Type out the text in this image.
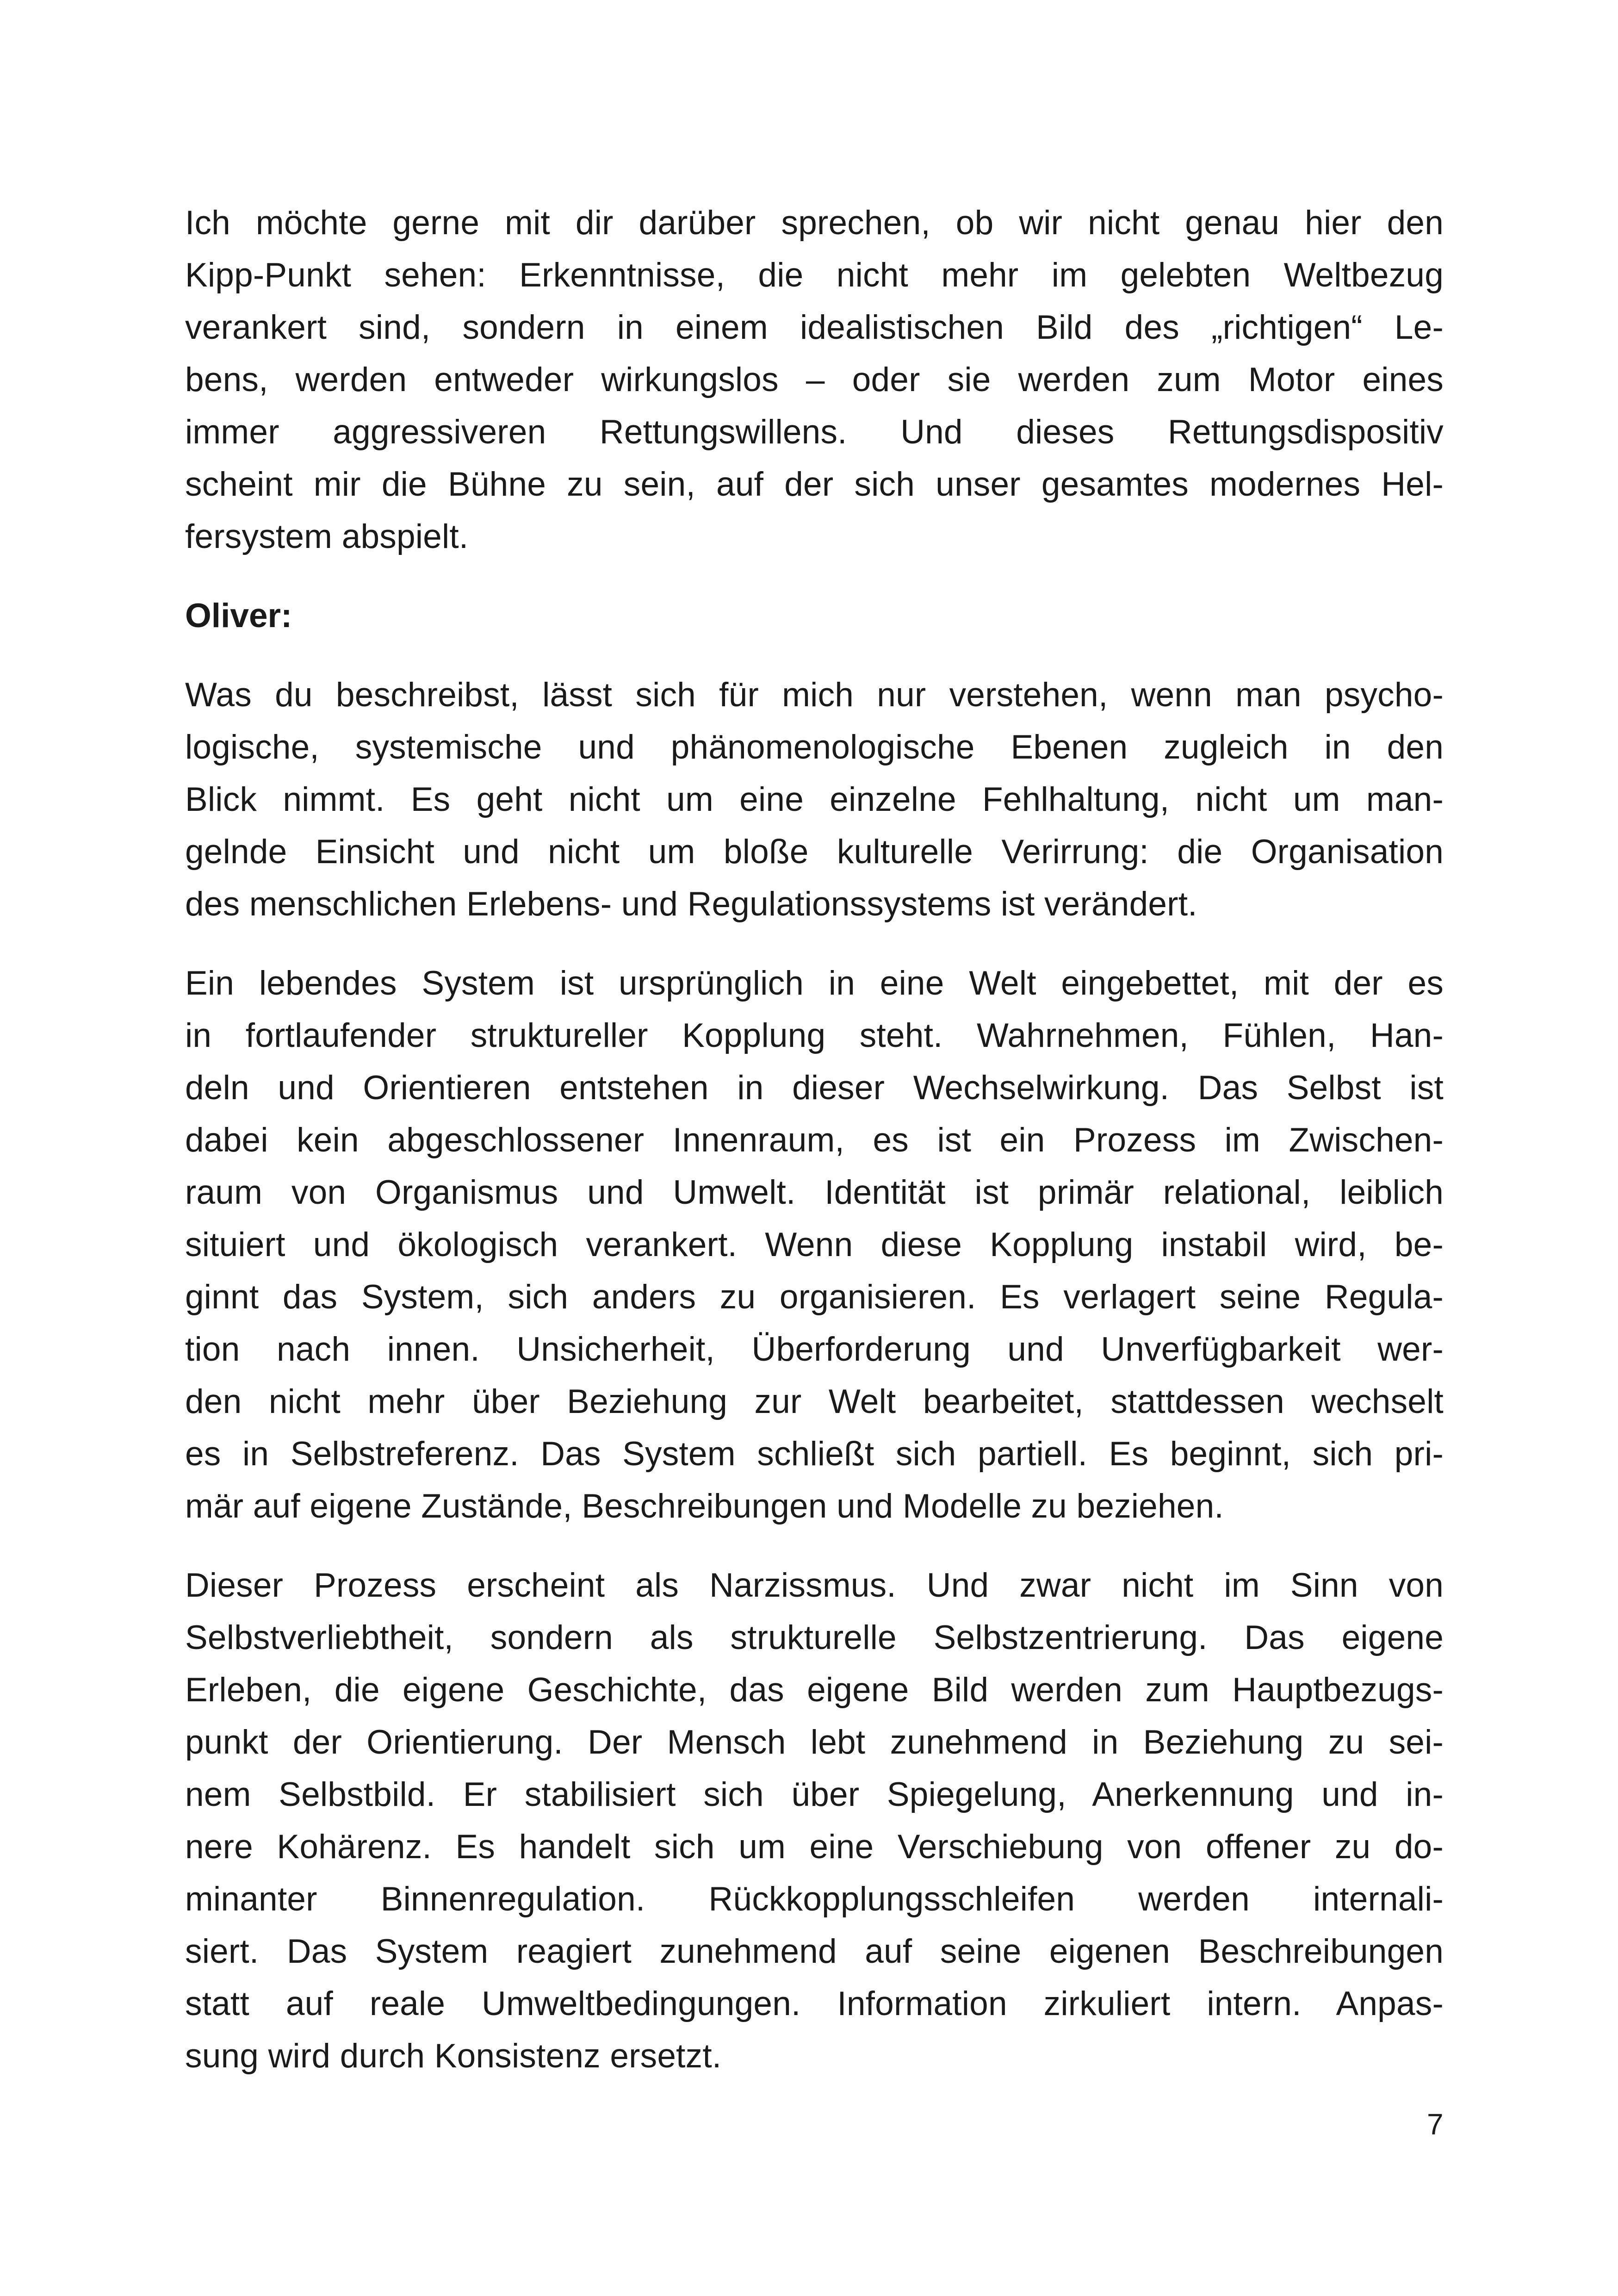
Ich möchte gerne mit dir darüber sprechen, ob wir nicht genau hier den
Kipp-Punkt sehen: Erkenntnisse, die nicht mehr im gelebten Weltbezug
verankert sind, sondern in einem idealistischen Bild des „richtigen“ Le-
bens, werden entweder wirkungslos – oder sie werden zum Motor eines
immer aggressiveren Rettungswillens. Und dieses Rettungsdispositiv
scheint mir die Bühne zu sein, auf der sich unser gesamtes modernes Hel-
fersystem abspielt.

Oliver:

Was du beschreibst, lässt sich für mich nur verstehen, wenn man psycho-
logische, systemische und phänomenologische Ebenen zugleich in den
Blick nimmt. Es geht nicht um eine einzelne Fehlhaltung, nicht um man-
gelnde Einsicht und nicht um bloße kulturelle Verirrung: die Organisation
des menschlichen Erlebens- und Regulationssystems ist verändert.

Ein lebendes System ist ursprünglich in eine Welt eingebettet, mit der es
in fortlaufender struktureller Kopplung steht. Wahrnehmen, Fühlen, Han-
deln und Orientieren entstehen in dieser Wechselwirkung. Das Selbst ist
dabei kein abgeschlossener Innenraum, es ist ein Prozess im Zwischen-
raum von Organismus und Umwelt. Identität ist primär relational, leiblich
situiert und ökologisch verankert. Wenn diese Kopplung instabil wird, be-
ginnt das System, sich anders zu organisieren. Es verlagert seine Regula-
tion nach innen. Unsicherheit, Überforderung und Unverfügbarkeit wer-
den nicht mehr über Beziehung zur Welt bearbeitet, stattdessen wechselt
es in Selbstreferenz. Das System schließt sich partiell. Es beginnt, sich pri-
mär auf eigene Zustände, Beschreibungen und Modelle zu beziehen.

Dieser Prozess erscheint als Narzissmus. Und zwar nicht im Sinn von
Selbstverliebtheit, sondern als strukturelle Selbstzentrierung. Das eigene
Erleben, die eigene Geschichte, das eigene Bild werden zum Hauptbezugs-
punkt der Orientierung. Der Mensch lebt zunehmend in Beziehung zu sei-
nem Selbstbild. Er stabilisiert sich über Spiegelung, Anerkennung und in-
nere Kohärenz. Es handelt sich um eine Verschiebung von offener zu do-
minanter Binnenregulation. Rückkopplungsschleifen werden internali-
siert. Das System reagiert zunehmend auf seine eigenen Beschreibungen
statt auf reale Umweltbedingungen. Information zirkuliert intern. Anpas-
sung wird durch Konsistenz ersetzt.

7
